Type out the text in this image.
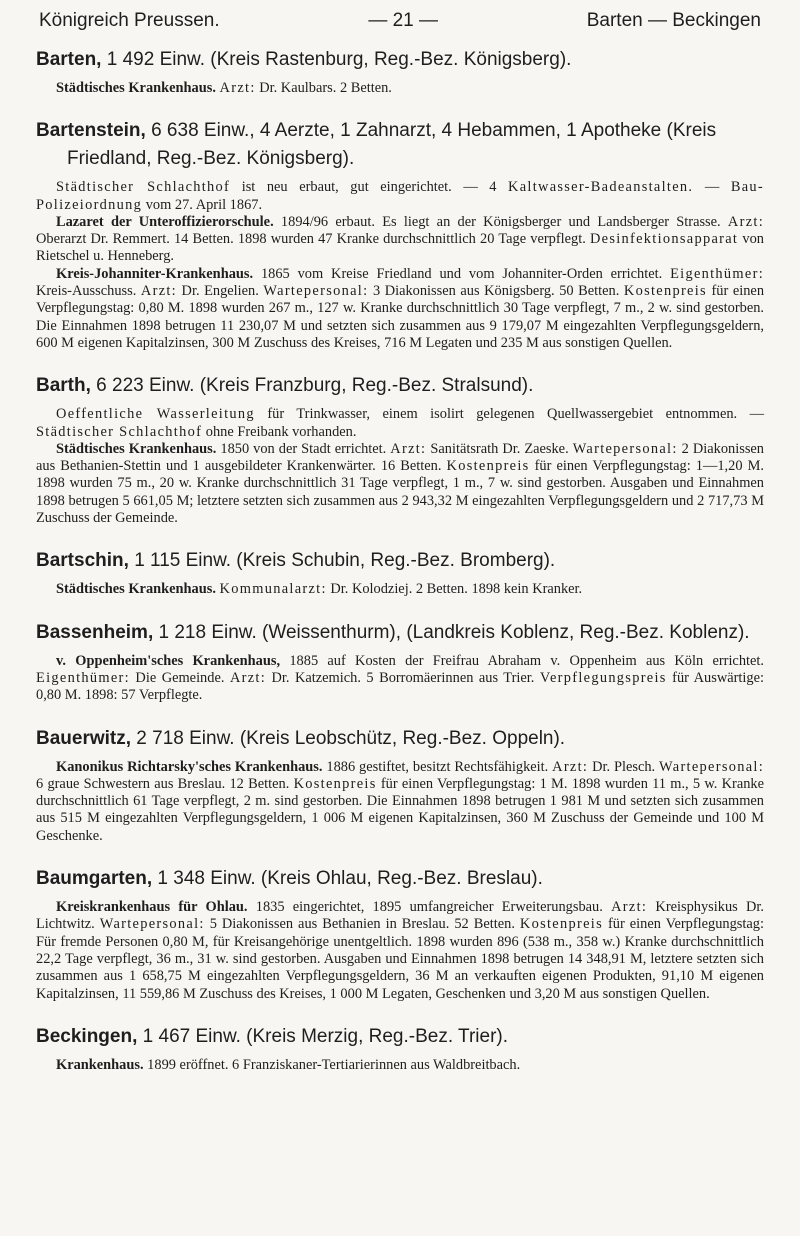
Königreich Preussen.	— 21 —	Barten — Beckingen
Barten, 1 492 Einw. (Kreis Rastenburg, Reg.-Bez. Königsberg).

Städtisches Krankenhaus. Arzt: Dr. Kaulbars. 2 Betten.

Bartenstein, 6 638 Einw., 4 Aerzte, 1 Zahnarzt, 4 Hebammen, 1 Apotheke (Kreis Friedland, Reg.-Bez. Königsberg).

Städtischer Schlachthof ist neu erbaut, gut eingerichtet. — 4 Kaltwasser-Badeanstalten. — Bau-Polizeiordnung vom 27. April 1867.

Lazaret der Unteroffizierorschule. 1894/96 erbaut. Es liegt an der Königsberger und Landsberger Strasse. Arzt: Oberarzt Dr. Remmert. 14 Betten. 1898 wurden 47 Kranke durchschnittlich 20 Tage verpflegt. Desinfektionsapparat von Rietschel u. Henneberg.

Kreis-Johanniter-Krankenhaus. 1865 vom Kreise Friedland und vom Johanniter-Orden errichtet. Eigenthümer: Kreis-Ausschuss. Arzt: Dr. Engelien. Wartepersonal: 3 Diakonissen aus Königsberg. 50 Betten. Kostenpreis für einen Verpflegungstag: 0,80 M. 1898 wurden 267 m., 127 w. Kranke durchschnittlich 30 Tage verpflegt, 7 m., 2 w. sind gestorben. Die Einnahmen 1898 betrugen 11 230,07 M und setzten sich zusammen aus 9 179,07 M eingezahlten Verpflegungsgeldern, 600 M eigenen Kapitalzinsen, 300 M Zuschuss des Kreises, 716 M Legaten und 235 M aus sonstigen Quellen.

Barth, 6 223 Einw. (Kreis Franzburg, Reg.-Bez. Stralsund).

Oeffentliche Wasserleitung für Trinkwasser, einem isolirt gelegenen Quellwassergebiet entnommen. — Städtischer Schlachthof ohne Freibank vorhanden.

Städtisches Krankenhaus. 1850 von der Stadt errichtet. Arzt: Sanitätsrath Dr. Zaeske. Wartepersonal: 2 Diakonissen aus Bethanien-Stettin und 1 ausgebildeter Krankenwärter. 16 Betten. Kostenpreis für einen Verpflegungstag: 1—1,20 M. 1898 wurden 75 m., 20 w. Kranke durchschnittlich 31 Tage verpflegt, 1 m., 7 w. sind gestorben. Ausgaben und Einnahmen 1898 betrugen 5 661,05 M; letztere setzten sich zusammen aus 2 943,32 M eingezahlten Verpflegungsgeldern und 2 717,73 M Zuschuss der Gemeinde.

Bartschin, 1 115 Einw. (Kreis Schubin, Reg.-Bez. Bromberg).

Städtisches Krankenhaus. Kommunalarzt: Dr. Kolodziej. 2 Betten. 1898 kein Kranker.

Bassenheim, 1 218 Einw. (Weissenthurm), (Landkreis Koblenz, Reg.-Bez. Koblenz).

v. Oppenheim'sches Krankenhaus, 1885 auf Kosten der Freifrau Abraham v. Oppenheim aus Köln errichtet. Eigenthümer: Die Gemeinde. Arzt: Dr. Katzemich. 5 Borromäerinnen aus Trier. Verpflegungspreis für Auswärtige: 0,80 M. 1898: 57 Verpflegte.

Bauerwitz, 2 718 Einw. (Kreis Leobschütz, Reg.-Bez. Oppeln).

Kanonikus Richtarsky'sches Krankenhaus. 1886 gestiftet, besitzt Rechtsfähigkeit. Arzt: Dr. Plesch. Wartepersonal: 6 graue Schwestern aus Breslau. 12 Betten. Kostenpreis für einen Verpflegungstag: 1 M. 1898 wurden 11 m., 5 w. Kranke durchschnittlich 61 Tage verpflegt, 2 m. sind gestorben. Die Einnahmen 1898 betrugen 1 981 M und setzten sich zusammen aus 515 M eingezahlten Verpflegungsgeldern, 1 006 M eigenen Kapitalzinsen, 360 M Zuschuss der Gemeinde und 100 M Geschenke.

Baumgarten, 1 348 Einw. (Kreis Ohlau, Reg.-Bez. Breslau).

Kreiskrankenhaus für Ohlau. 1835 eingerichtet, 1895 umfangreicher Erweiterungsbau. Arzt: Kreisphysikus Dr. Lichtwitz. Wartepersonal: 5 Diakonissen aus Bethanien in Breslau. 52 Betten. Kostenpreis für einen Verpflegungstag: Für fremde Personen 0,80 M, für Kreisangehörige unentgeltlich. 1898 wurden 896 (538 m., 358 w.) Kranke durchschnittlich 22,2 Tage verpflegt, 36 m., 31 w. sind gestorben. Ausgaben und Einnahmen 1898 betrugen 14 348,91 M, letztere setzten sich zusammen aus 1 658,75 M eingezahlten Verpflegungsgeldern, 36 M an verkauften eigenen Produkten, 91,10 M eigenen Kapitalzinsen, 11 559,86 M Zuschuss des Kreises, 1 000 M Legaten, Geschenken und 3,20 M aus sonstigen Quellen.

Beckingen, 1 467 Einw. (Kreis Merzig, Reg.-Bez. Trier).

Krankenhaus. 1899 eröffnet. 6 Franziskaner-Tertiarierinnen aus Waldbreitbach.
